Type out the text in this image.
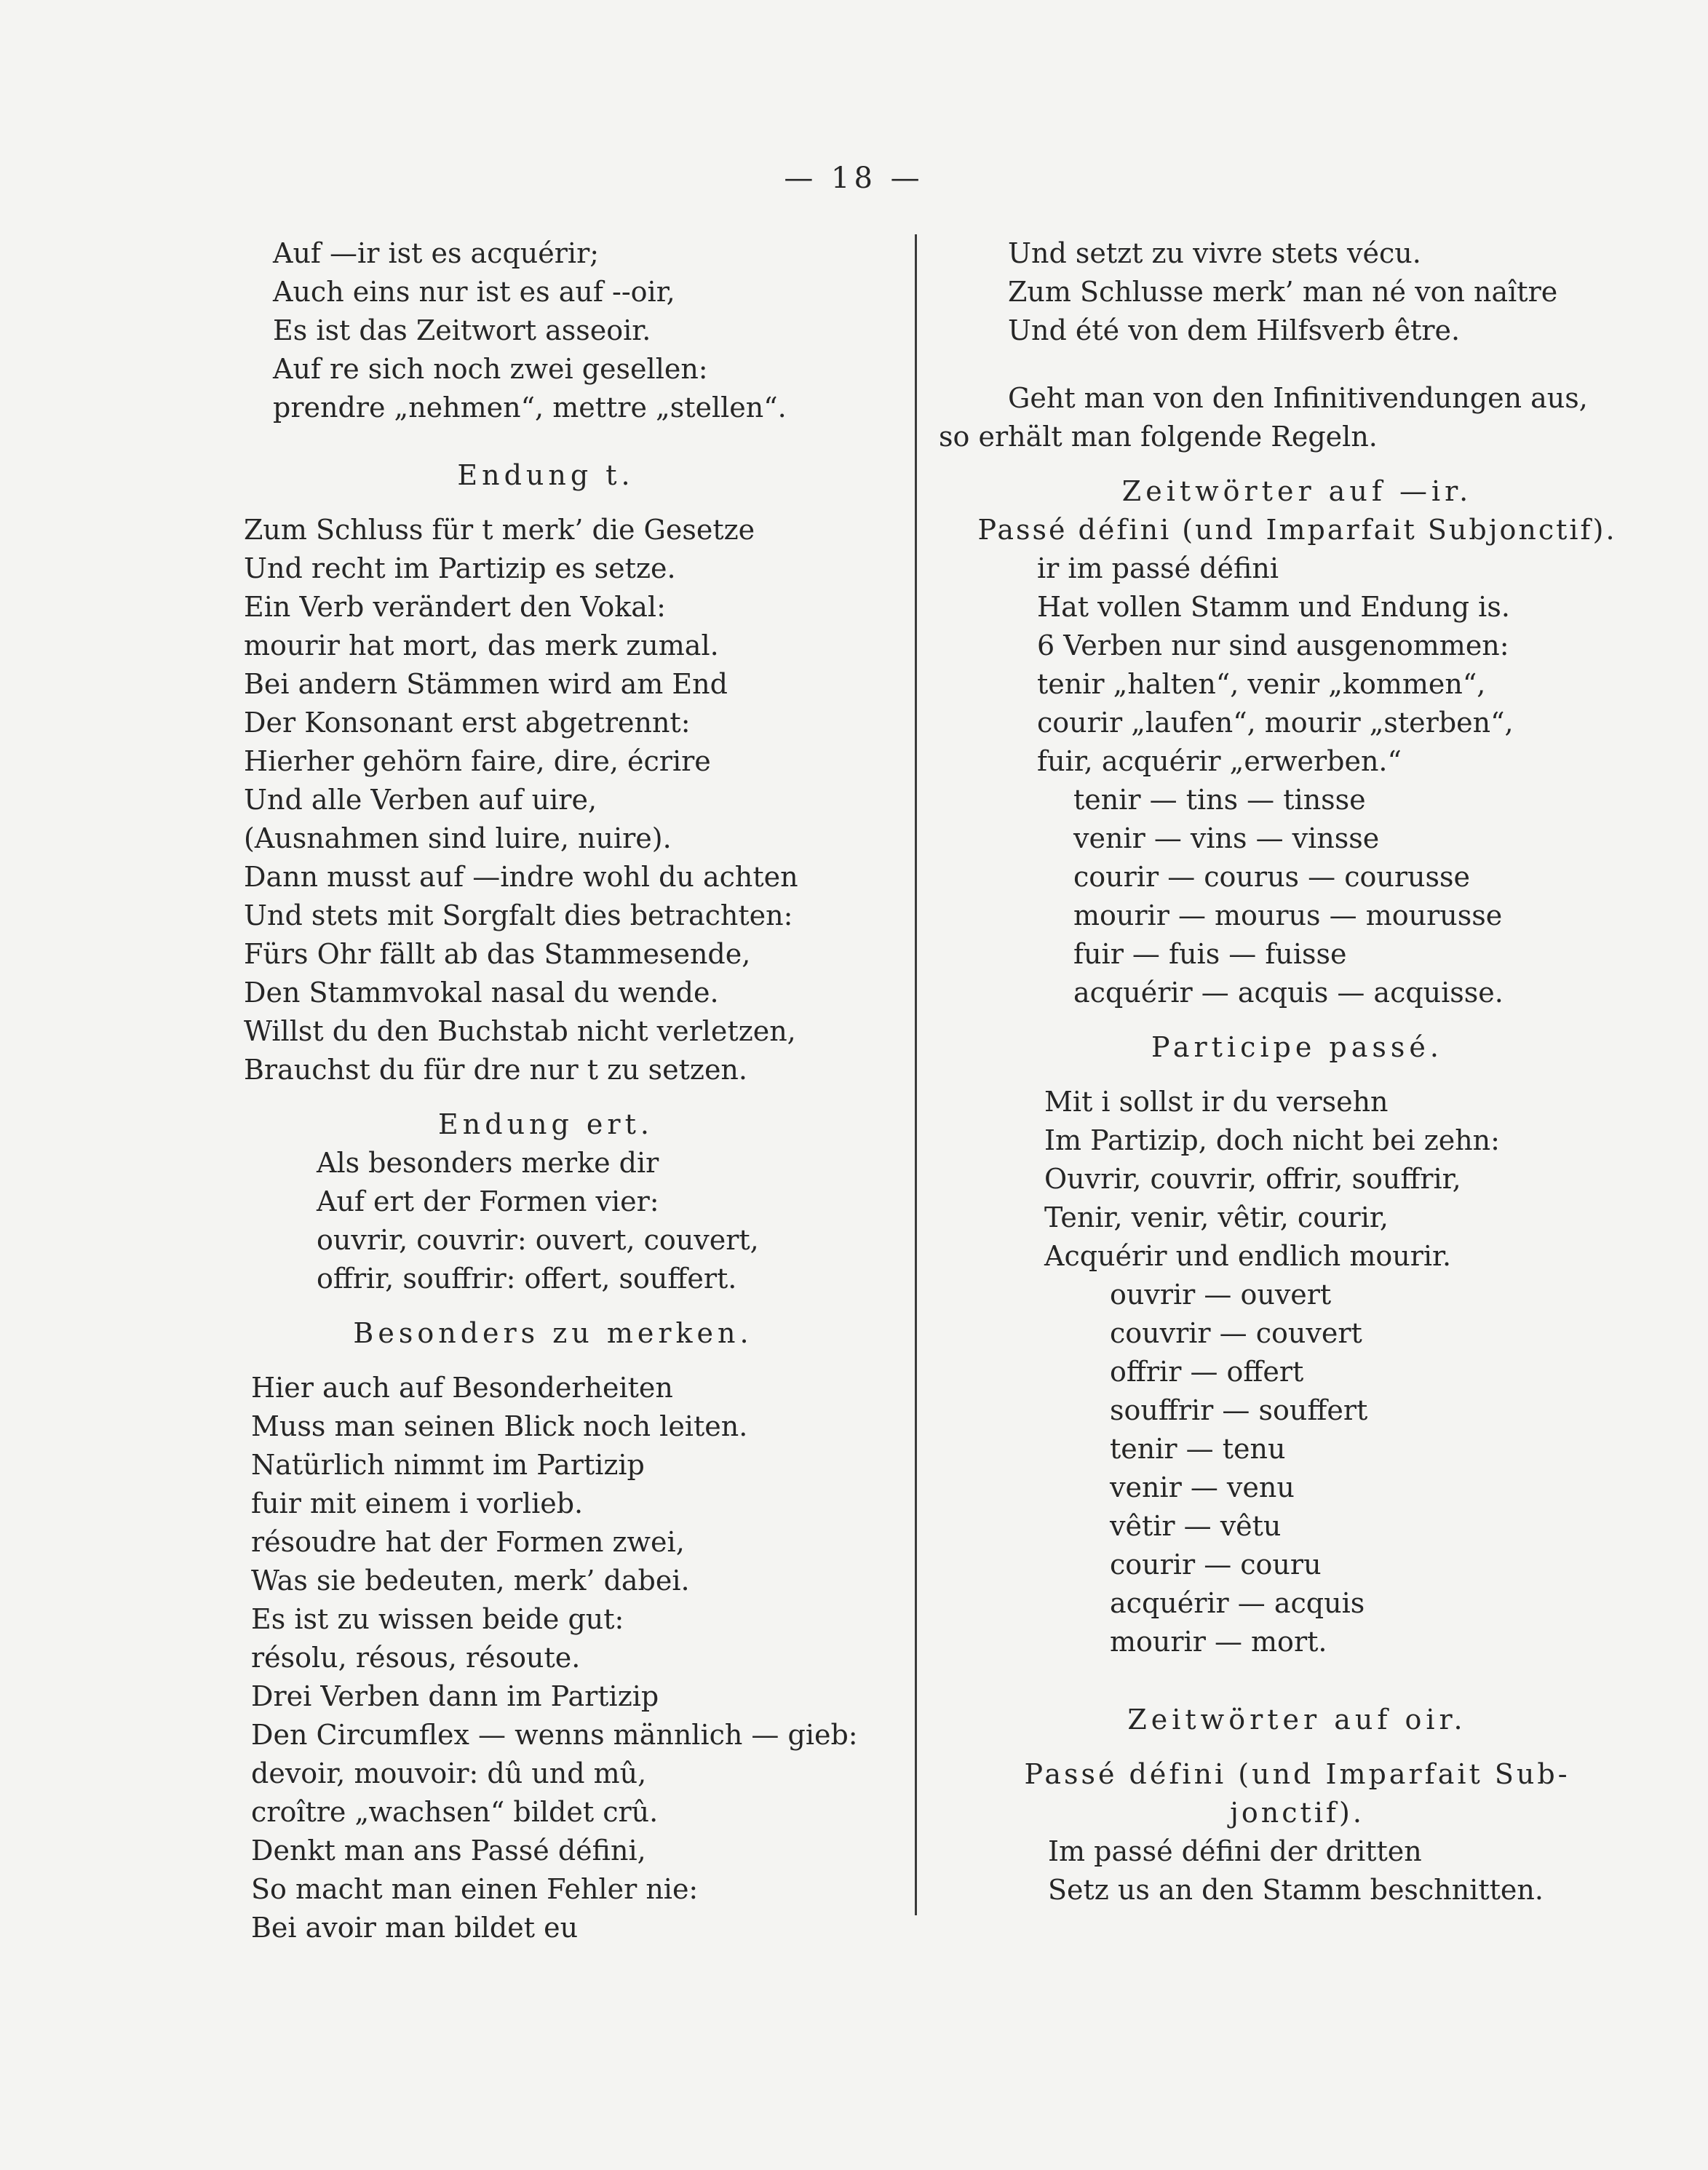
— 18 —
Auf —ir ist es acquérir;
Auch eins nur ist es auf --oir,
Es ist das Zeitwort asseoir.
Auf re sich noch zwei gesellen:
prendre „nehmen“, mettre „stellen“.
Endung t.
Zum Schluss für t merk’ die Gesetze
Und recht im Partizip es setze.
Ein Verb verändert den Vokal:
mourir hat mort, das merk zumal.
Bei andern Stämmen wird am End
Der Konsonant erst abgetrennt:
Hierher gehörn faire, dire, écrire
Und alle Verben auf uire,
(Ausnahmen sind luire, nuire).
Dann musst auf —indre wohl du achten
Und stets mit Sorgfalt dies betrachten:
Fürs Ohr fällt ab das Stammesende,
Den Stammvokal nasal du wende.
Willst du den Buchstab nicht verletzen,
Brauchst du für dre nur t zu setzen.
Endung ert.
Als besonders merke dir
Auf ert der Formen vier:
ouvrir, couvrir: ouvert, couvert,
offrir, souffrir: offert, souffert.
Besonders zu merken.
Hier auch auf Besonderheiten
Muss man seinen Blick noch leiten.
Natürlich nimmt im Partizip
fuir mit einem i vorlieb.
résoudre hat der Formen zwei,
Was sie bedeuten, merk’ dabei.
Es ist zu wissen beide gut:
résolu, résous, résoute.
Drei Verben dann im Partizip
Den Circumflex — wenns männlich — gieb:
devoir, mouvoir: dû und mû,
croître „wachsen“ bildet crû.
Denkt man ans Passé défini,
So macht man einen Fehler nie:
Bei avoir man bildet eu
Und setzt zu vivre stets vécu.
Zum Schlusse merk’ man né von naître
Und été von dem Hilfsverb être.
Geht man von den Infinitivendungen aus,
so erhält man folgende Regeln.
Zeitwörter auf —ir.
Passé défini (und Imparfait Subjonctif).
ir im passé défini
Hat vollen Stamm und Endung is.
6 Verben nur sind ausgenommen:
tenir „halten“, venir „kommen“,
courir „laufen“, mourir „sterben“,
fuir, acquérir „erwerben.“
tenir — tins — tinsse
venir — vins — vinsse
courir — courus — courusse
mourir — mourus — mourusse
fuir — fuis — fuisse
acquérir — acquis — acquisse.
Participe passé.
Mit i sollst ir du versehn
Im Partizip, doch nicht bei zehn:
Ouvrir, couvrir, offrir, souffrir,
Tenir, venir, vêtir, courir,
Acquérir und endlich mourir.
ouvrir — ouvert
couvrir — couvert
offrir — offert
souffrir — souffert
tenir — tenu
venir — venu
vêtir — vêtu
courir — couru
acquérir — acquis
mourir — mort.
Zeitwörter auf oir.
Passé défini (und Imparfait Sub-
jonctif).
Im passé défini der dritten
Setz us an den Stamm beschnitten.
